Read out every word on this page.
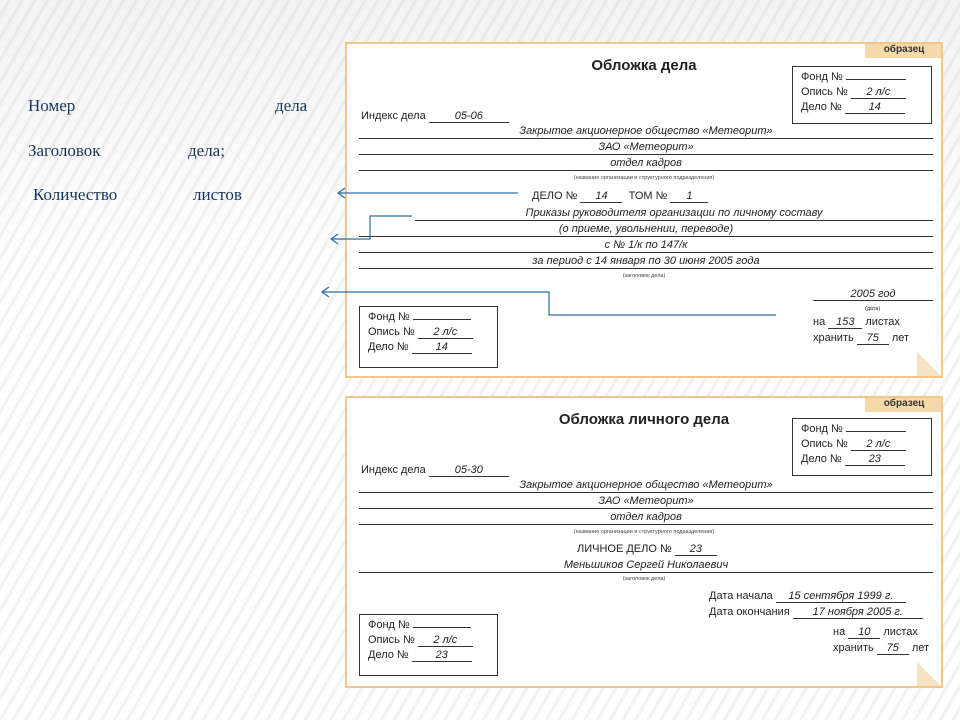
Номер	дела
Заголовок	дела;
Количество	листов
образец
Обложка дела
Фонд №
Опись № 2 л/с
Дело № 14
Индекс дела	05-06
Закрытое акционерное общество «Метеорит»
ЗАО «Метеорит»
отдел кадров
(название организации и структурного подразделения)
ДЕЛО № 14 ТОМ № 1
Приказы руководителя организации по личному составу
(о приеме, увольнении, переводе)
с № 1/к по 147/к
за период с 14 января по 30 июня 2005 года
(заголовок дела)
2005 год
(дата)
на 153 листах
хранить 75 лет
Фонд №
Опись № 2 л/с
Дело № 14
образец
Обложка личного дела
Фонд №
Опись № 2 л/с
Дело № 23
Индекс дела	05-30
Закрытое акционерное общество «Метеорит»
ЗАО «Метеорит»
отдел кадров
(название организации и структурного подразделения)
ЛИЧНОЕ ДЕЛО № 23
Меньшиков Сергей Николаевич
(заголовок дела)
Дата начала 15 сентября 1999 г.
Дата окончания 17 ноября 2005 г.
на 10 листах
хранить 75 лет
Фонд №
Опись № 2 л/с
Дело № 23
